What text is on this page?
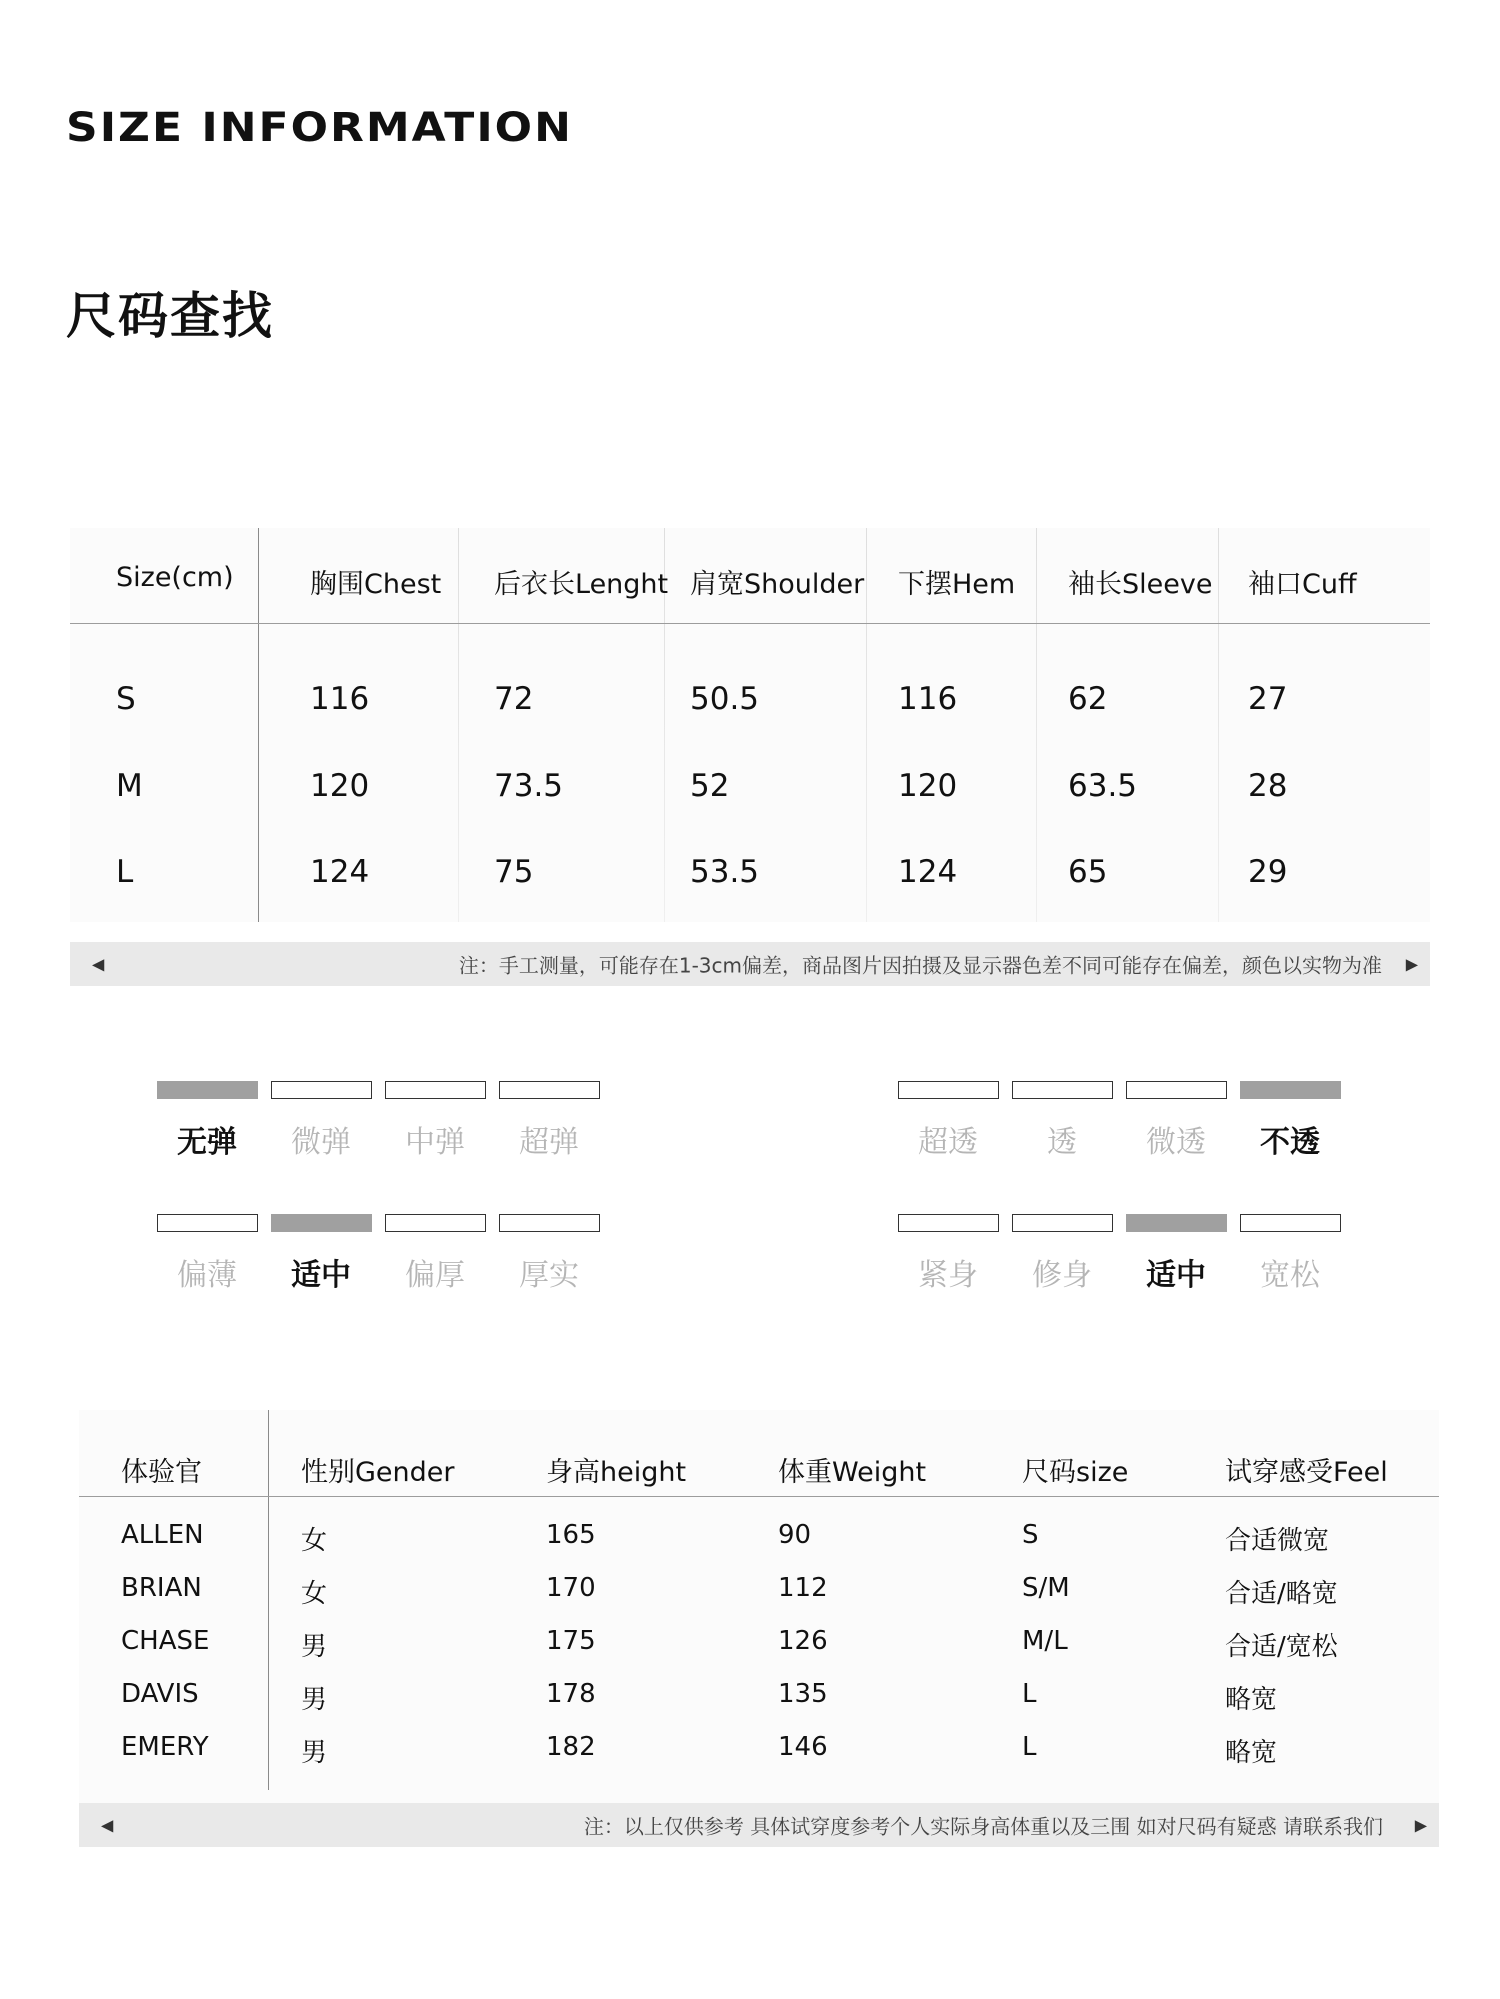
SIZE INFORMATION
尺码查找
Size(cm)	胸围Chest 后衣长Lenght 肩宽Shoulder 下摆Hem 袖长Sleeve 袖口Cuff
S	116	72	50.5	116	62	27
M	120	73.5	52	120	63.5	28
L	124	75	53.5	124	65	29
◀	注：手工测量，可能存在1-3cm偏差，商品图片因拍摄及显示器色差不同可能存在偏差，颜色以实物为准 ▶
无弹	微弹	中弹	超弹	超透	透	微透	不透
偏薄	适中	偏厚	厚实	紧身	修身	适中	宽松
体验官	性别Gender	身高height	体重Weight	尺码size	试穿感受Feel
ALLEN	女	165	90	S	合适微宽
BRIAN	女	170	112	S/M	合适/略宽
CHASE	男	175	126	M/L	合适/宽松
DAVIS	男	178	135	L	略宽
EMERY	男	182	146	L	略宽
◀	注：以上仅供参考 具体试穿度参考个人实际身高体重以及三围 如对尺码有疑惑 请联系我们 ▶
